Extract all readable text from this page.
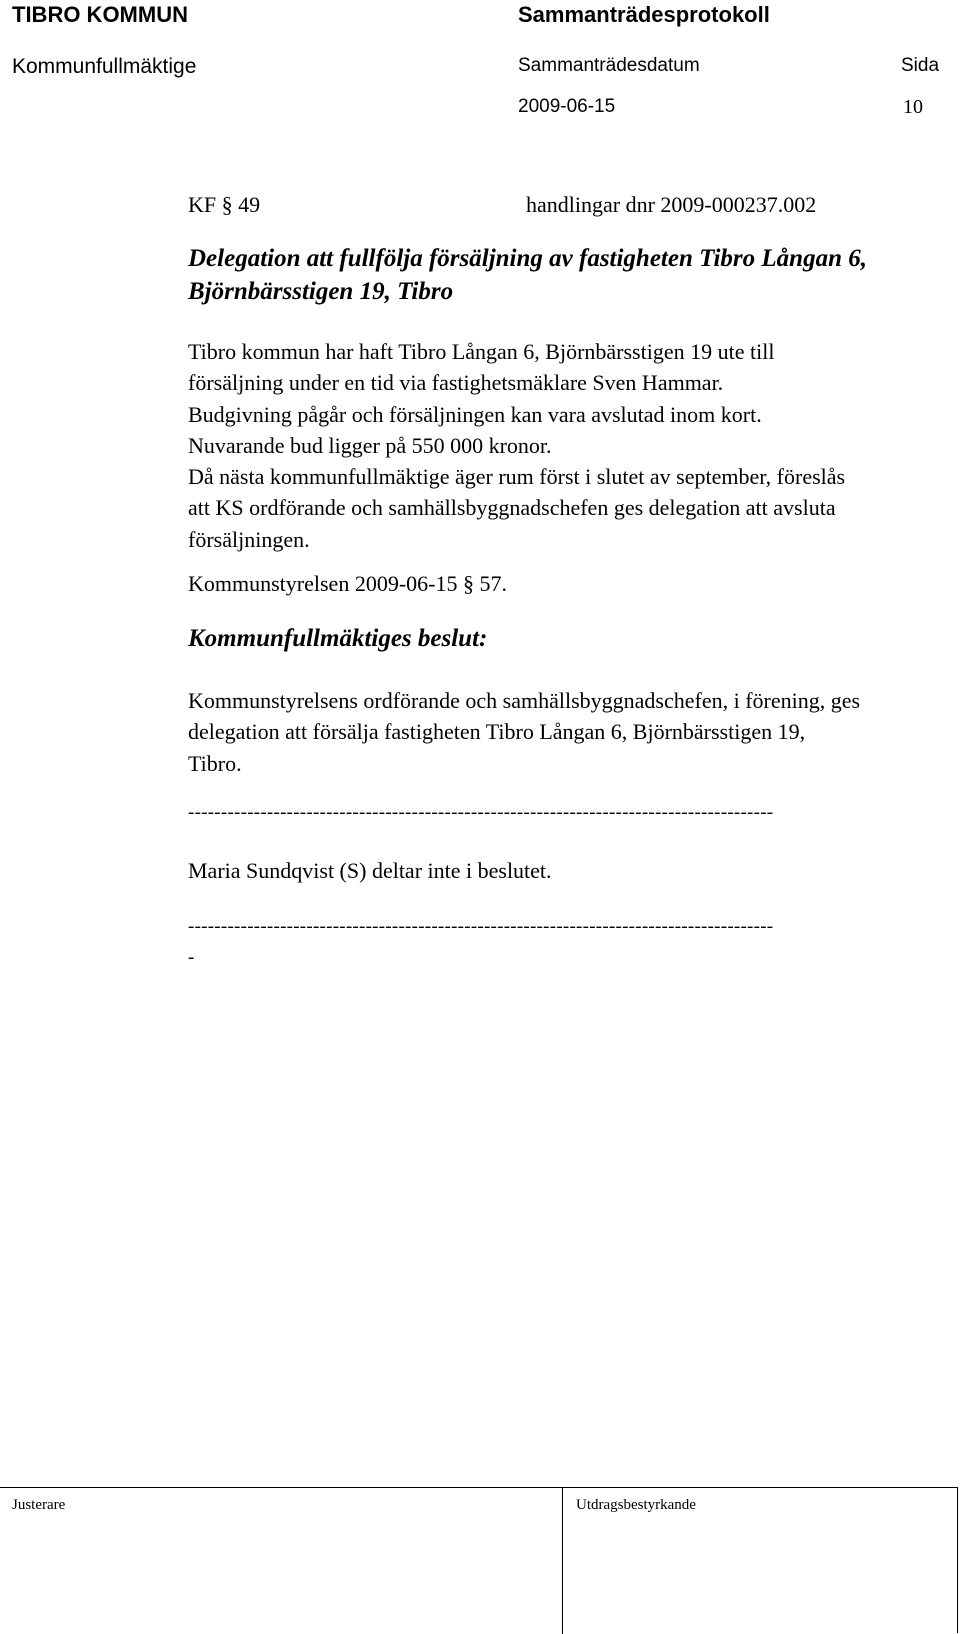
TIBRO KOMMUN	Sammanträdesprotokoll
Kommunfullmäktige	Sammanträdesdatum	Sida
2009-06-15	10
KF § 49	handlingar dnr 2009-000237.002
Delegation att fullfölja försäljning av fastigheten Tibro Långan 6, Björnbärsstigen 19, Tibro
Tibro kommun har haft Tibro Långan 6, Björnbärsstigen 19 ute till
försäljning under en tid via fastighetsmäklare Sven Hammar.
Budgivning pågår och försäljningen kan vara avslutad inom kort.
Nuvarande bud ligger på 550 000 kronor.
Då nästa kommunfullmäktige äger rum först i slutet av september, föreslås
att KS ordförande och samhällsbyggnadschefen ges delegation att avsluta
försäljningen.
Kommunstyrelsen 2009-06-15 § 57.
Kommunfullmäktiges beslut:
Kommunstyrelsens ordförande och samhällsbyggnadschefen, i förening, ges
delegation att försälja fastigheten Tibro Långan 6, Björnbärsstigen 19,
Tibro.
-----------------------------------------------------------------------------------------
Maria Sundqvist (S) deltar inte i beslutet.
-----------------------------------------------------------------------------------------
-
Justerare	Utdragsbestyrkande
